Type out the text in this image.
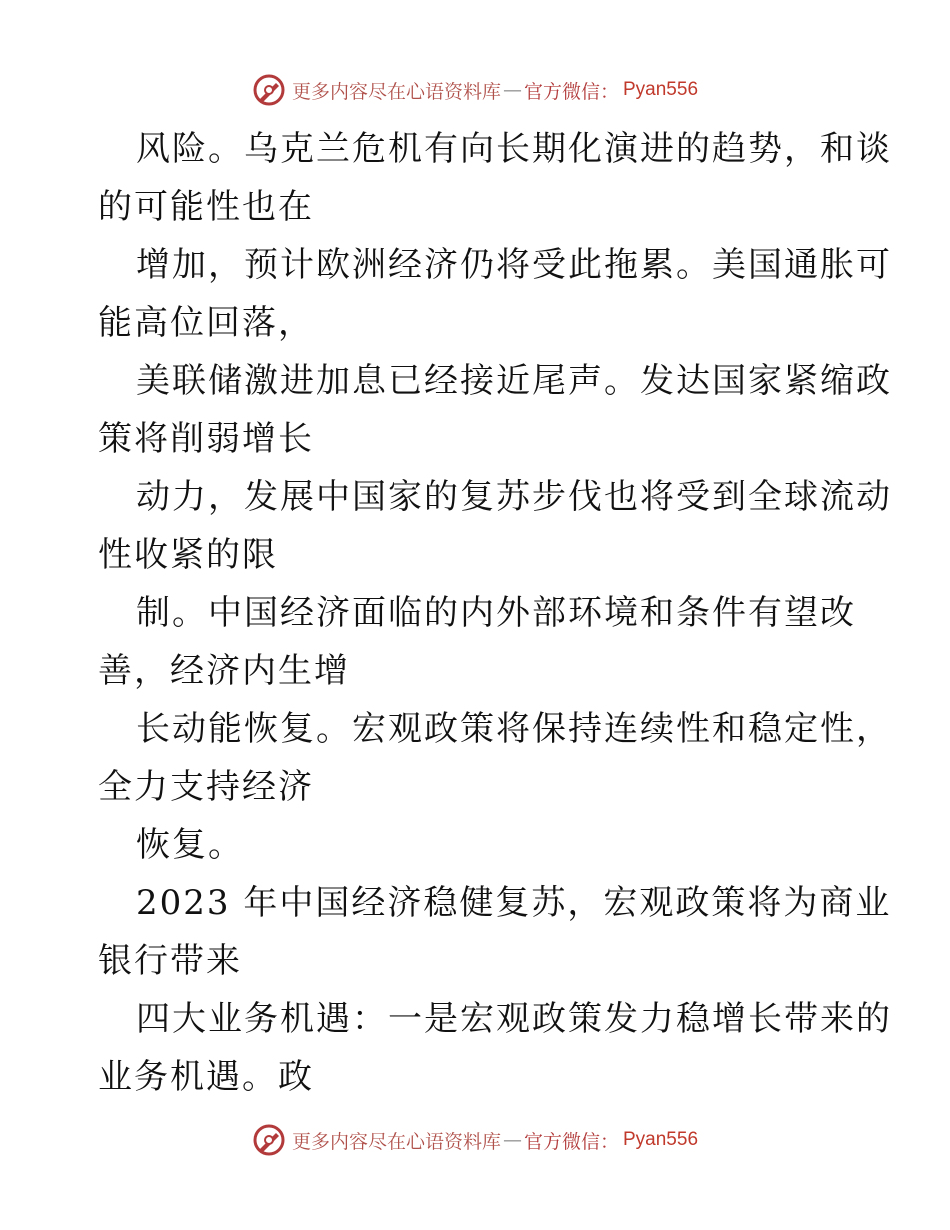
更多内容尽在心语资料库 — 官方微信： Pyan556

风险。乌克兰危机有向长期化演进的趋势，和谈
的可能性也在

增加，预计欧洲经济仍将受此拖累。美国通胀可
能高位回落，

美联储激进加息已经接近尾声。发达国家紧缩政
策将削弱增长

动力，发展中国家的复苏步伐也将受到全球流动
性收紧的限

制。中国经济面临的内外部环境和条件有望改
善，经济内生增

长动能恢复。宏观政策将保持连续性和稳定性，
全力支持经济

恢复。

2023 年中国经济稳健复苏，宏观政策将为商业
银行带来

四大业务机遇：一是宏观政策发力稳增长带来的
业务机遇。政

更多内容尽在心语资料库 — 官方微信： Pyan556
